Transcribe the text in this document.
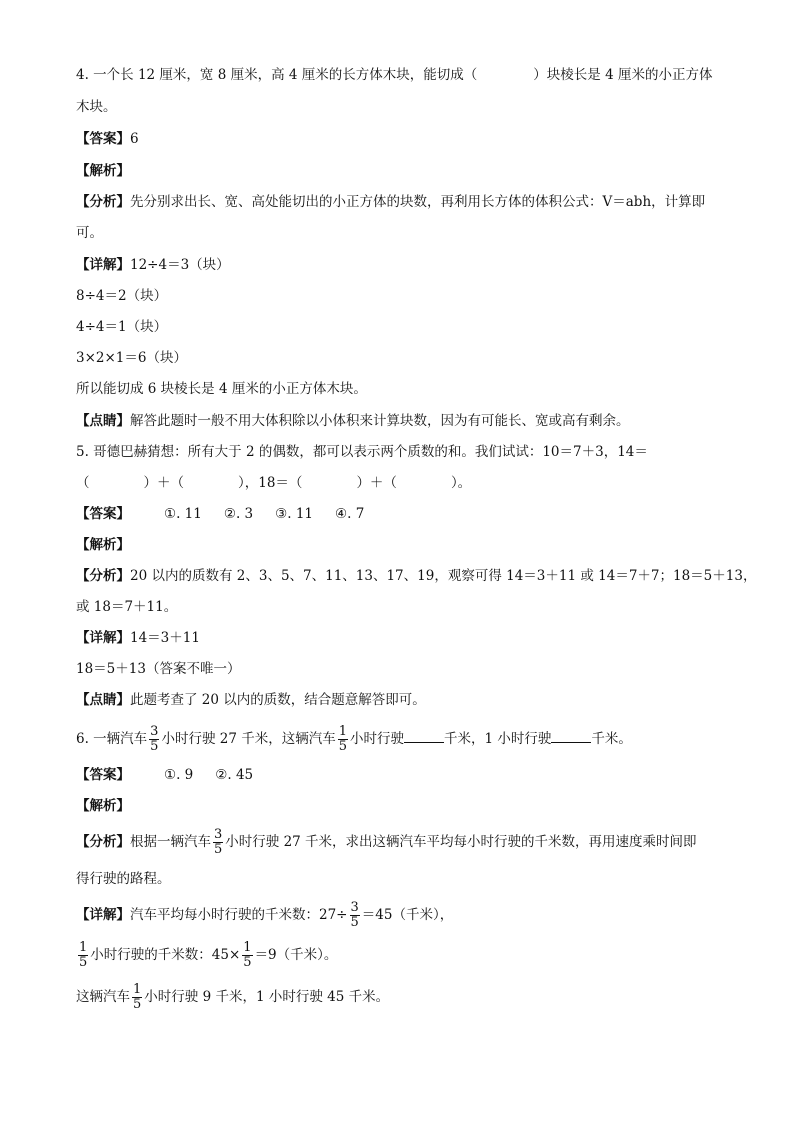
4. 一个长 12 厘米，宽 8 厘米，高 4 厘米的长方体木块，能切成（	）块棱长是 4 厘米的小正方体
木块。
【答案】6
【解析】
【分析】先分别求出长、宽、高处能切出的小正方体的块数，再利用长方体的体积公式：V＝abh，计算即
可。
【详解】12÷4＝3（块）
8÷4＝2（块）
4÷4＝1（块）
3×2×1＝6（块）
所以能切成 6 块棱长是 4 厘米的小正方体木块。
【点睛】解答此题时一般不用大体积除以小体积来计算块数，因为有可能长、宽或高有剩余。
5. 哥德巴赫猜想：所有大于 2 的偶数，都可以表示两个质数的和。我们试试：10＝7＋3，14＝
（	）＋（	），18＝（	）＋（	）。
【答案】	①. 11 ②. 3 ③. 11 ④. 7
【解析】
【分析】20 以内的质数有 2、3、5、7、11、13、17、19，观察可得 14＝3＋11 或 14＝7＋7；18＝5＋13，
或 18＝7＋11。
【详解】14＝3＋11
18＝5＋13（答案不唯一）
【点睛】此题考查了 20 以内的质数，结合题意解答即可。
6. 一辆汽车 $\frac{3}{5}$ 小时行驶 27 千米，这辆汽车 $\frac{1}{5}$ 小时行驶	千米，1 小时行驶	千米。
【答案】	①. 9 ②. 45
【解析】
【分析】根据一辆汽车 $\frac{3}{5}$ 小时行驶 27 千米，求出这辆汽车平均每小时行驶的千米数，再用速度乘时间即
得行驶的路程。
【详解】汽车平均每小时行驶的千米数：$27\div \frac{3}{5} =45$（千米），
$\frac{1}{5}$ 小时行驶的千米数：$45\times \frac{1}{5} =9$（千米）。
这辆汽车 $\frac{1}{5}$ 小时行驶 9 千米，1 小时行驶 45 千米。
